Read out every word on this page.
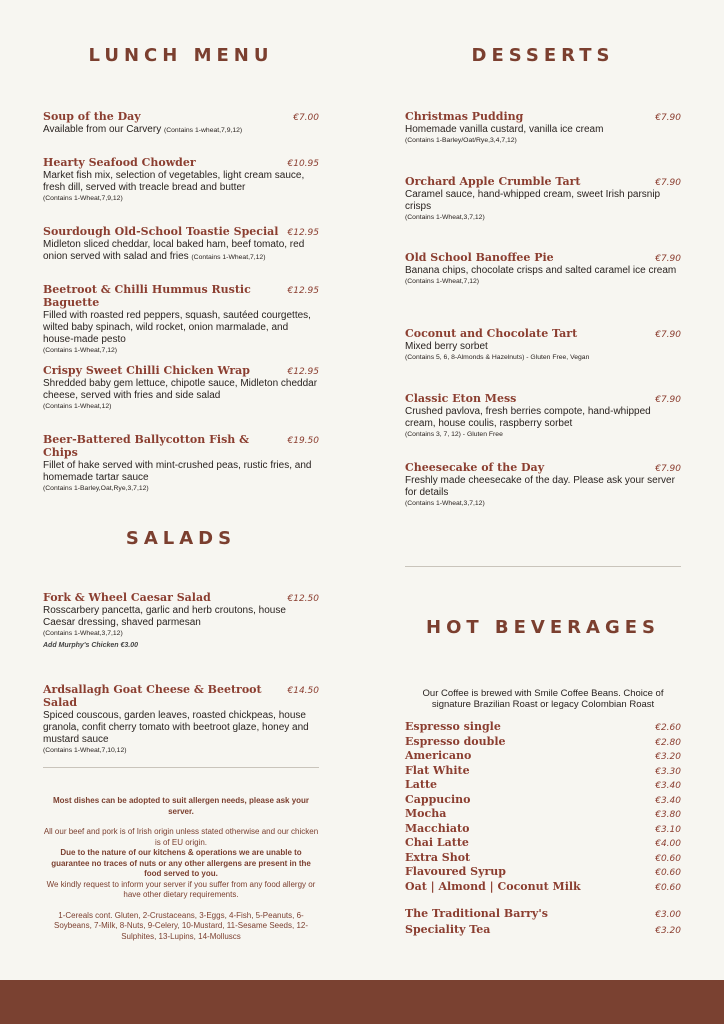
LUNCH MENU	DESSERTS
SALADS
HOT BEVERAGES
Soup of the Day	€7.00
Available from our Carvery (Contains 1-wheat,7,9,12)
Hearty Seafood Chowder	€10.95
Market fish mix, selection of vegetables, light cream sauce, fresh dill, served with treacle bread and butter
(Contains 1-Wheat,7,9,12)
Sourdough Old-School Toastie Special €12.95
Midleton sliced cheddar, local baked ham, beef tomato, red onion served with salad and fries (Contains 1-Wheat,7,12)
Beetroot & Chilli Hummus Rustic Baguette
€12.95
Filled with roasted red peppers, squash, sautéed courgettes, wilted baby spinach, wild rocket, onion marmalade, and house-made pesto
(Contains 1-Wheat,7,12)
Crispy Sweet Chilli Chicken Wrap	€12.95
Shredded baby gem lettuce, chipotle sauce, Midleton cheddar cheese, served with fries and side salad
(Contains 1-Wheat,12)
Beer-Battered Ballycotton Fish & Chips
€19.50
Fillet of hake served with mint-crushed peas, rustic fries, and homemade tartar sauce
(Contains 1-Barley,Oat,Rye,3,7,12)
Fork & Wheel Caesar Salad	€12.50
Rosscarbery pancetta, garlic and herb croutons, house Caesar dressing, shaved parmesan
(Contains 1-Wheat,3,7,12)
Add Murphy's Chicken €3.00
Ardsallagh Goat Cheese & Beetroot Salad
€14.50
Spiced couscous, garden leaves, roasted chickpeas, house granola, confit cherry tomato with beetroot glaze, honey and mustard sauce
(Contains 1-Wheat,7,10,12)
Christmas Pudding	€7.90
Homemade vanilla custard, vanilla ice cream
(Contains 1-Barley/Oat/Rye,3,4,7,12)
Orchard Apple Crumble Tart	€7.90
Caramel sauce, hand-whipped cream, sweet Irish parsnip crisps
(Contains 1-Wheat,3,7,12)
Old School Banoffee Pie	€7.90
Banana chips, chocolate crisps and salted caramel ice cream
(Contains 1-Wheat,7,12)
Coconut and Chocolate Tart	€7.90
Mixed berry sorbet
(Contains 5, 6, 8-Almonds & Hazelnuts) - Gluten Free, Vegan
Classic Eton Mess	€7.90
Crushed pavlova, fresh berries compote, hand-whipped cream, house coulis, raspberry sorbet
(Contains 3, 7, 12) - Gluten Free
Cheesecake of the Day	€7.90
Freshly made cheesecake of the day. Please ask your server for details
(Contains 1-Wheat,3,7,12)
Our Coffee is brewed with Smile Coffee Beans. Choice of signature Brazilian Roast or legacy Colombian Roast
Espresso single	€2.60
Espresso double	€2.80
Americano	€3.20
Flat White	€3.30
Latte	€3.40
Cappucino	€3.40
Mocha	€3.80
Macchiato	€3.10
Chai Latte	€4.00
Extra Shot	€0.60
Flavoured Syrup	€0.60
Oat | Almond | Coconut Milk	€0.60
The Traditional Barry's	€3.00
Speciality Tea	€3.20

Most dishes can be adopted to suit allergen needs, please ask your server.

All our beef and pork is of Irish origin unless stated otherwise and our chicken is of EU origin.

Due to the nature of our kitchens & operations we are unable to guarantee no traces of nuts or any other allergens are present in the food served to you.

We kindly request to inform your server if you suffer from any food allergy or have other dietary requirements.

1-Cereals cont. Gluten, 2-Crustaceans, 3-Eggs, 4-Fish, 5-Peanuts, 6-Soybeans, 7-Milk, 8-Nuts, 9-Celery, 10-Mustard, 11-Sesame Seeds, 12-Sulphites, 13-Lupins, 14-Molluscs
